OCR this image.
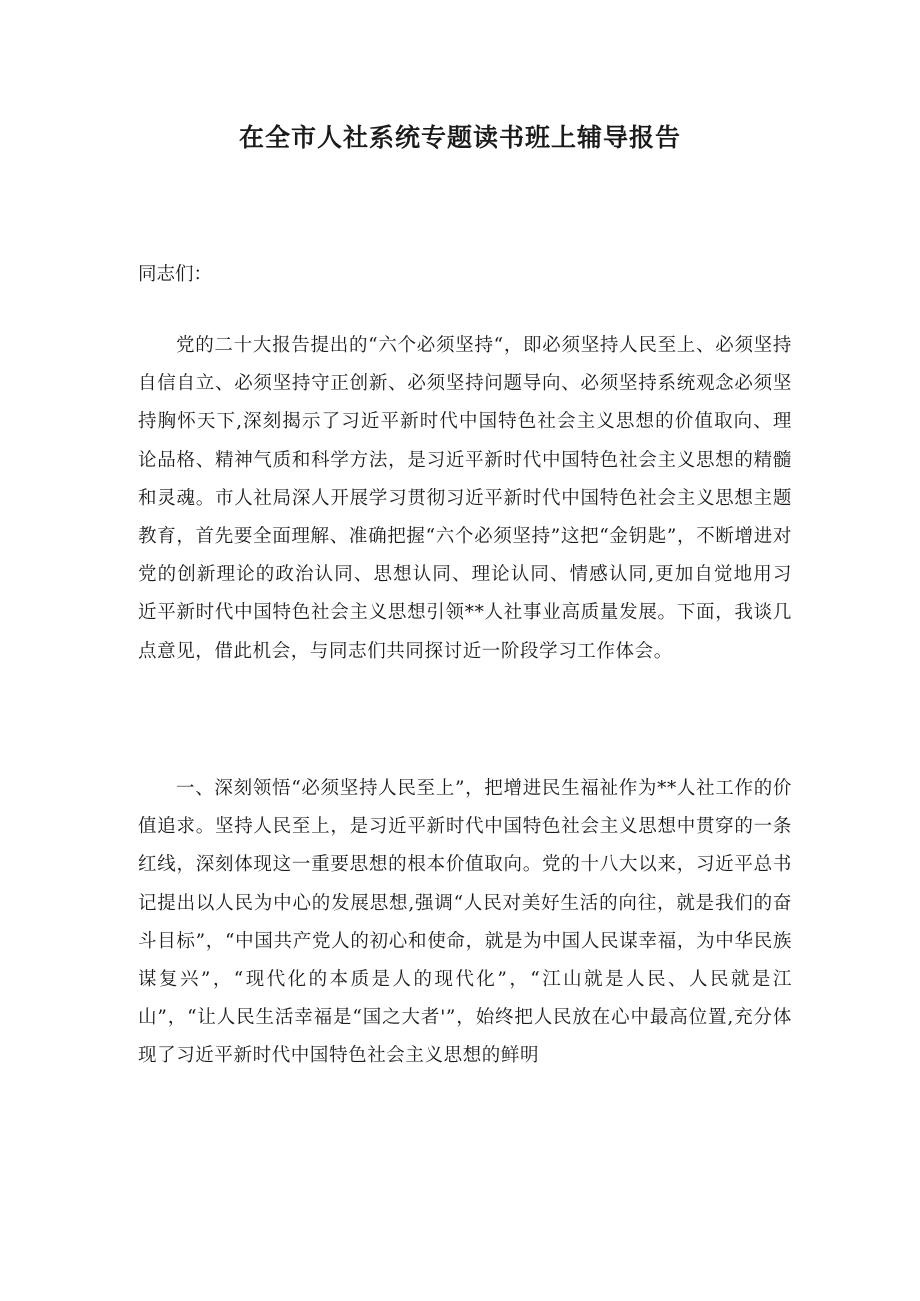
在全市人社系统专题读书班上辅导报告

同志们：

党的二十大报告提出的“六个必须坚持“，即必须坚持人民至上、必须坚持自信自立、必须坚持守正创新、必须坚持问题导向、必须坚持系统观念必须坚持胸怀天下,深刻揭示了习近平新时代中国特色社会主义思想的价值取向、理论品格、精神气质和科学方法，是习近平新时代中国特色社会主义思想的精髓和灵魂。市人社局深人开展学习贯彻习近平新时代中国特色社会主义思想主题教育，首先要全面理解、准确把握“六个必须坚持”这把“金钥匙”，不断增进对党的创新理论的政治认同、思想认同、理论认同、情感认同,更加自觉地用习近平新时代中国特色社会主义思想引领**人社事业高质量发展。下面，我谈几点意见，借此机会，与同志们共同探讨近一阶段学习工作体会。

一、深刻领悟“必须坚持人民至上”，把增进民生福祉作为**人社工作的价值追求。坚持人民至上，是习近平新时代中国特色社会主义思想中贯穿的一条红线，深刻体现这一重要思想的根本价值取向。党的十八大以来，习近平总书记提出以人民为中心的发展思想,强调“人民对美好生活的向往，就是我们的奋斗目标”，“中国共产党人的初心和使命，就是为中国人民谋幸福，为中华民族谋复兴”，“现代化的本质是人的现代化”，“江山就是人民、人民就是江山”，“让人民生活幸福是“国之大者'”，始终把人民放在心中最高位置,充分体现了习近平新时代中国特色社会主义思想的鲜明
